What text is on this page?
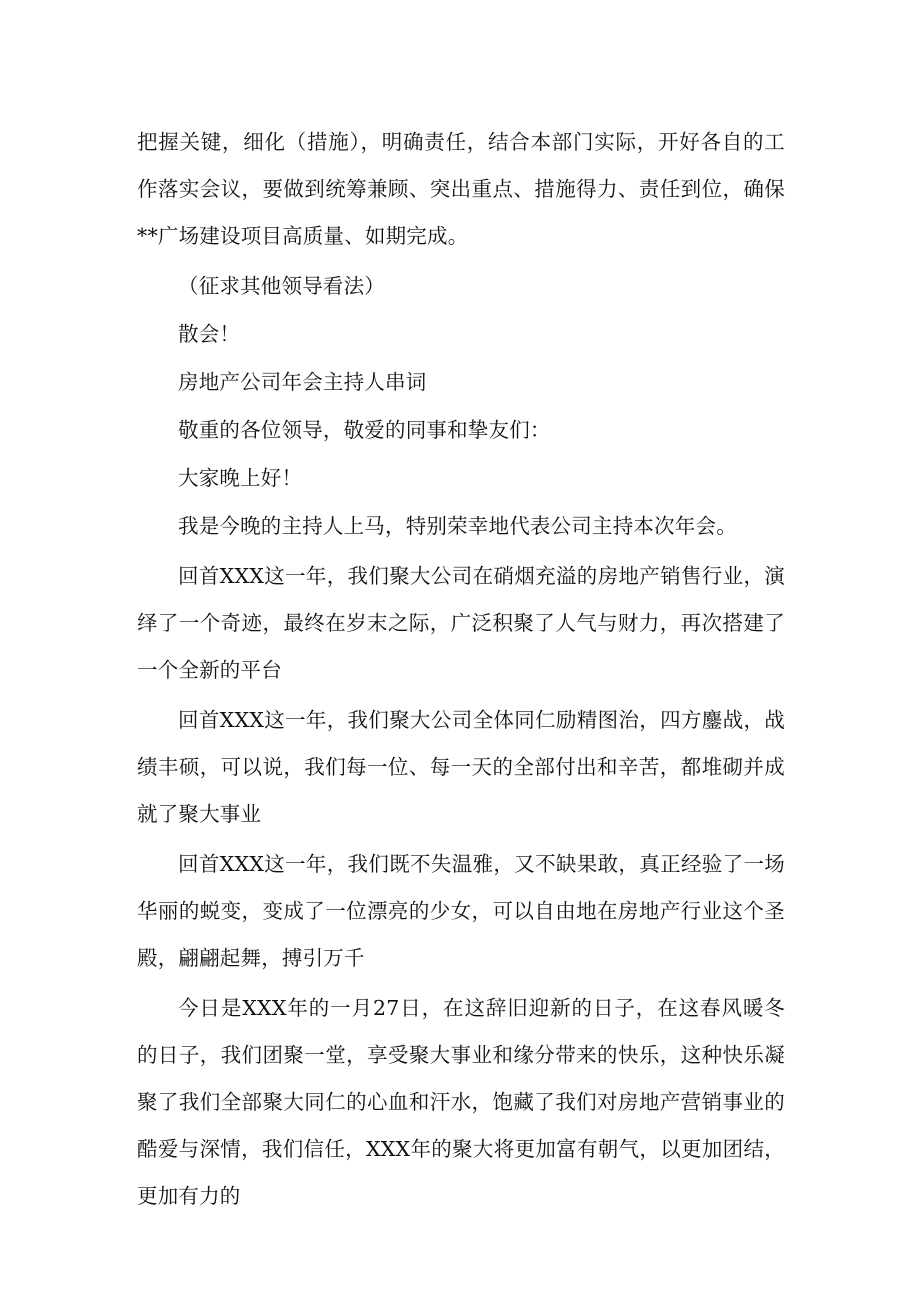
把握关键，细化（措施），明确责任，结合本部门实际，开好各自的工作落实会议，要做到统筹兼顾、突出重点、措施得力、责任到位，确保**广场建设项目高质量、如期完成。

（征求其他领导看法）

散会！

房地产公司年会主持人串词

敬重的各位领导，敬爱的同事和挚友们：

大家晚上好！

我是今晚的主持人上马，特别荣幸地代表公司主持本次年会。

回首XXX这一年，我们聚大公司在硝烟充溢的房地产销售行业，演绎了一个奇迹，最终在岁末之际，广泛积聚了人气与财力，再次搭建了一个全新的平台

回首XXX这一年，我们聚大公司全体同仁励精图治，四方鏖战，战绩丰硕，可以说，我们每一位、每一天的全部付出和辛苦，都堆砌并成就了聚大事业

回首XXX这一年，我们既不失温雅，又不缺果敢，真正经验了一场华丽的蜕变，变成了一位漂亮的少女，可以自由地在房地产行业这个圣殿，翩翩起舞，搏引万千

今日是XXX年的一月27日，在这辞旧迎新的日子，在这春风暖冬的日子，我们团聚一堂，享受聚大事业和缘分带来的快乐，这种快乐凝聚了我们全部聚大同仁的心血和汗水，饱藏了我们对房地产营销事业的酷爱与深情，我们信任，XXX年的聚大将更加富有朝气，以更加团结，更加有力的
